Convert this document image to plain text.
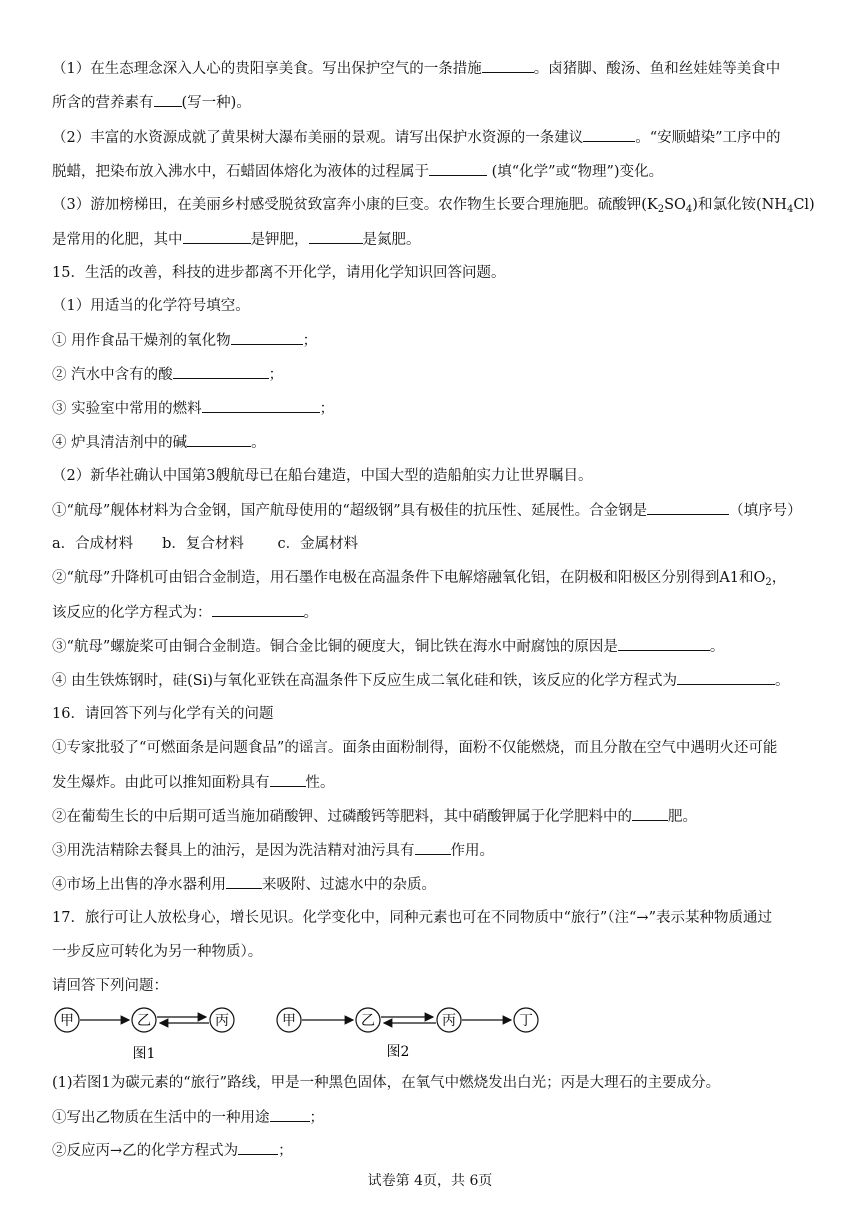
（1）在生态理念深入人心的贵阳享美食。写出保护空气的一条措施	。卤猪脚、酸汤、鱼和丝娃娃等美食中
所含的营养素有 (写一种)。
（2）丰富的水资源成就了黄果树大瀑布美丽的景观。请写出保护水资源的一条建议	。“安顺蜡染”工序中的
脱蜡，把染布放入沸水中，石蜡固体熔化为液体的过程属于	(填“化学”或“物理”)变化。
（3）游加榜梯田，在美丽乡村感受脱贫致富奔小康的巨变。农作物生长要合理施肥。硫酸钾$(K_2SO_4)$和氯化铵$(NH_4Cl)$
是常用的化肥，其中	是钾肥，	是氮肥。
15．生活的改善，科技的进步都离不开化学，请用化学知识回答问题。
（1）用适当的化学符号填空。
① 用作食品干燥剂的氧化物	；
② 汽水中含有的酸	；
③ 实验室中常用的燃料	；
④ 炉具清洁剂中的碱	。
（2）新华社确认中国第3艘航母已在船台建造，中国大型的造船舶实力让世界瞩目。
①“航母”舰体材料为合金钢，国产航母使用的“超级钢”具有极佳的抗压性、延展性。合金钢是	（填序号）
a．合成材料　　b．复合材料　　 c．金属材料
②“航母”升降机可由铝合金制造，用石墨作电极在高温条件下电解熔融氧化铝，在阴极和阳极区分别得到A1和$O_2$，
该反应的化学方程式为：	。
③“航母”螺旋桨可由铜合金制造。铜合金比铜的硬度大，铜比铁在海水中耐腐蚀的原因是	。
④ 由生铁炼钢时，硅(Si)与氧化亚铁在高温条件下反应生成二氧化硅和铁，该反应的化学方程式为	。
16．请回答下列与化学有关的问题
①专家批驳了“可燃面条是问题食品”的谣言。面条由面粉制得，面粉不仅能燃烧，而且分散在空气中遇明火还可能
发生爆炸。由此可以推知面粉具有 性。
②在葡萄生长的中后期可适当施加硝酸钾、过磷酸钙等肥料，其中硝酸钾属于化学肥料中的 肥。
③用洗洁精除去餐具上的油污，是因为洗洁精对油污具有 作用。
④市场上出售的净水器利用 来吸附、过滤水中的杂质。
17．旅行可让人放松身心，增长见识。化学变化中，同种元素也可在不同物质中“旅行”（注“→”表示某种物质通过
一步反应可转化为另一种物质）。
请回答下列问题：
甲	乙	丙
图1
甲	乙	丙	丁
图2
(1)若图1为碳元素的“旅行”路线，甲是一种黑色固体，在氧气中燃烧发出白光；丙是大理石的主要成分。
①写出乙物质在生活中的一种用途	；
②反应丙→乙的化学方程式为	；
试卷第 4页，共 6页
